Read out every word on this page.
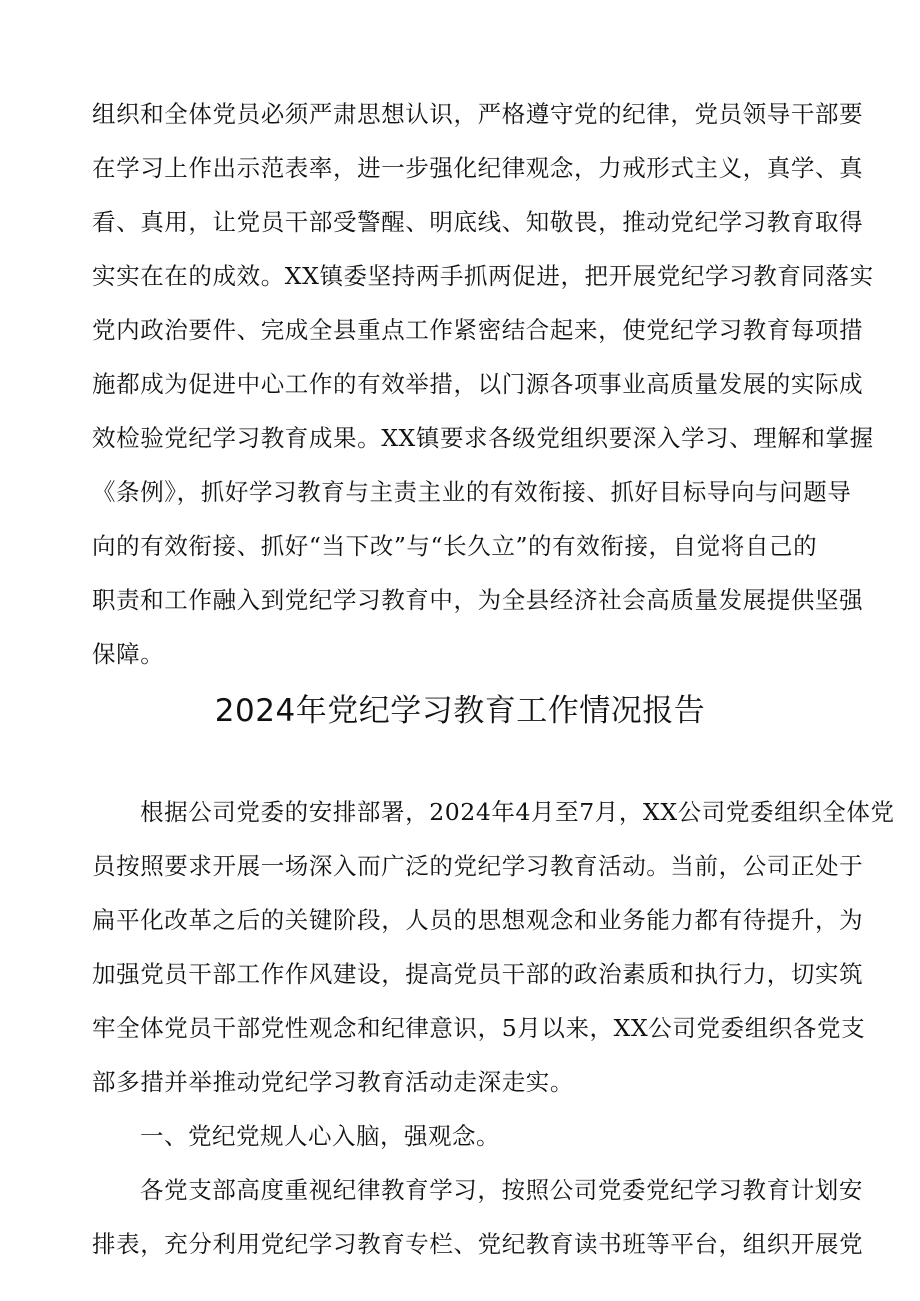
组织和全体党员必须严肃思想认识，严格遵守党的纪律，党员领导干部要
在学习上作出示范表率，进一步强化纪律观念，力戒形式主义，真学、真
看、真用，让党员干部受警醒、明底线、知敬畏，推动党纪学习教育取得
实实在在的成效。XX镇委坚持两手抓两促进，把开展党纪学习教育同落实
党内政治要件、完成全县重点工作紧密结合起来，使党纪学习教育每项措
施都成为促进中心工作的有效举措，以门源各项事业高质量发展的实际成
效检验党纪学习教育成果。XX镇要求各级党组织要深入学习、理解和掌握
《条例》，抓好学习教育与主责主业的有效衔接、抓好目标导向与问题导
向的有效衔接、抓好“当下改”与“长久立”的有效衔接，自觉将自己的
职责和工作融入到党纪学习教育中，为全县经济社会高质量发展提供坚强
保障。
2024年党纪学习教育工作情况报告
根据公司党委的安排部署，2024年4月至7月，XX公司党委组织全体党
员按照要求开展一场深入而广泛的党纪学习教育活动。当前，公司正处于
扁平化改革之后的关键阶段，人员的思想观念和业务能力都有待提升，为
加强党员干部工作作风建设，提高党员干部的政治素质和执行力，切实筑
牢全体党员干部党性观念和纪律意识，5月以来，XX公司党委组织各党支
部多措并举推动党纪学习教育活动走深走实。
一、党纪党规人心入脑，强观念。
各党支部高度重视纪律教育学习，按照公司党委党纪学习教育计划安
排表，充分利用党纪学习教育专栏、党纪教育读书班等平台，组织开展党
